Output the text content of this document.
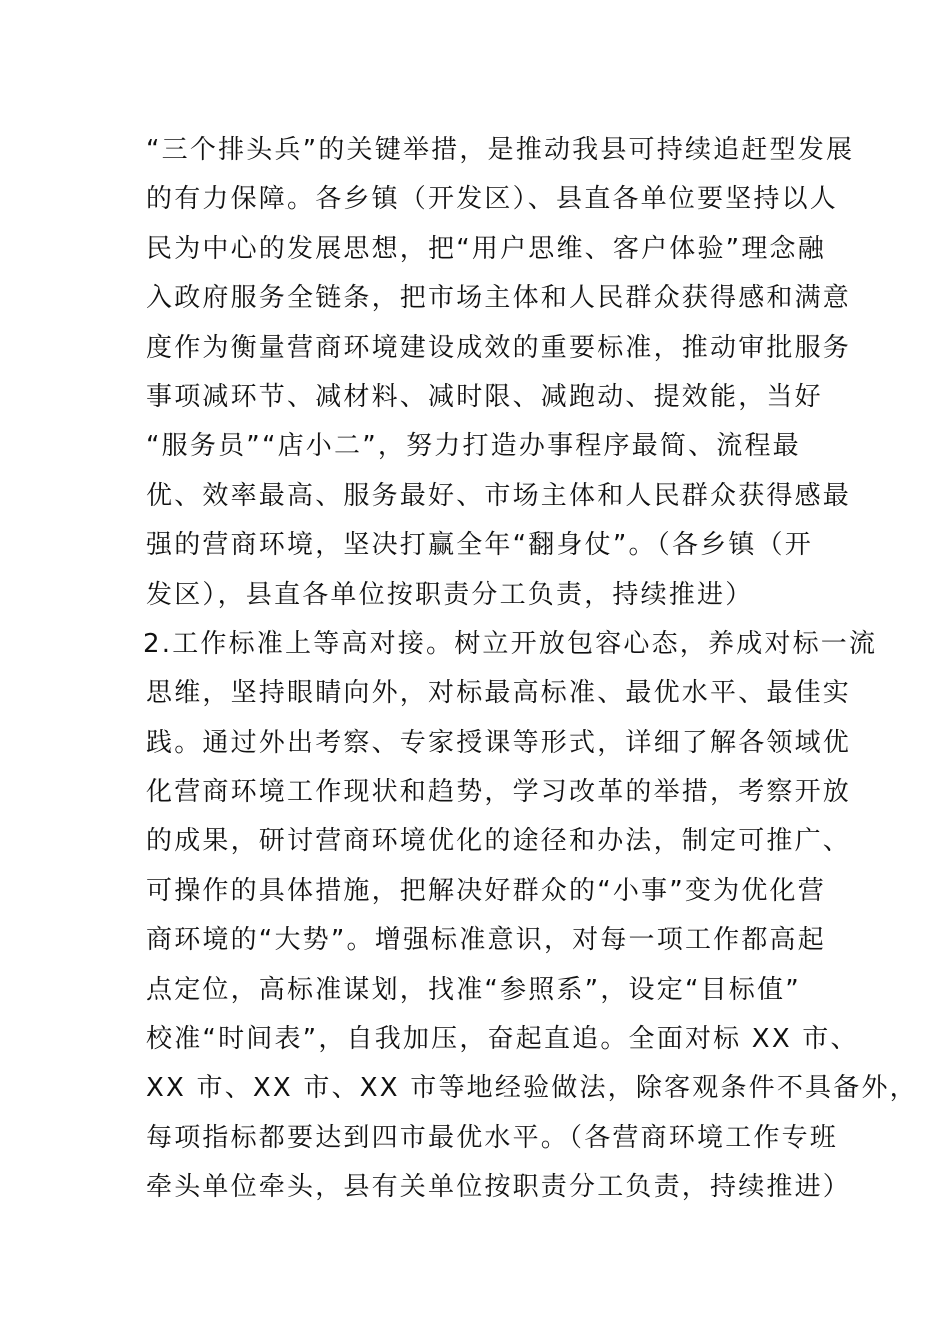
“三个排头兵”的关键举措，是推动我县可持续追赶型发展
的有力保障。各乡镇（开发区）、县直各单位要坚持以人
民为中心的发展思想，把“用户思维、客户体验”理念融
入政府服务全链条，把市场主体和人民群众获得感和满意
度作为衡量营商环境建设成效的重要标准，推动审批服务
事项减环节、减材料、减时限、减跑动、提效能，当好
“服务员”“店小二”，努力打造办事程序最简、流程最
优、效率最高、服务最好、市场主体和人民群众获得感最
强的营商环境，坚决打赢全年“翻身仗”。（各乡镇（开
发区），县直各单位按职责分工负责，持续推进）
2.工作标准上等高对接。树立开放包容心态，养成对标一流
思维，坚持眼睛向外，对标最高标准、最优水平、最佳实
践。通过外出考察、专家授课等形式，详细了解各领域优
化营商环境工作现状和趋势，学习改革的举措，考察开放
的成果，研讨营商环境优化的途径和办法，制定可推广、
可操作的具体措施，把解决好群众的“小事”变为优化营
商环境的“大势”。增强标准意识，对每一项工作都高起
点定位，高标准谋划，找准“参照系”，设定“目标值”
校准“时间表”，自我加压，奋起直追。全面对标 XX 市、
XX 市、XX 市、XX 市等地经验做法，除客观条件不具备外，
每项指标都要达到四市最优水平。（各营商环境工作专班
牵头单位牵头，县有关单位按职责分工负责，持续推进）
